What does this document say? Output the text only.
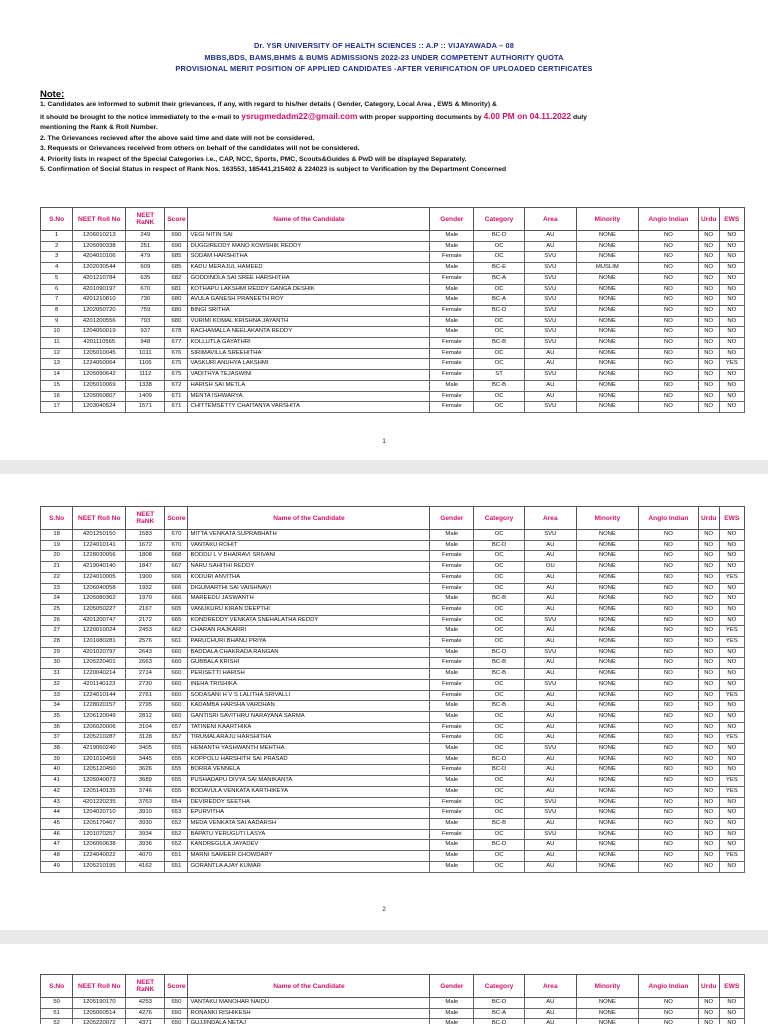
Dr. YSR UNIVERSITY OF HEALTH SCIENCES :: A.P :: VIJAYAWADA – 08

MBBS,BDS, BAMS,BHMS & BUMS ADMISSIONS 2022-23 UNDER COMPETENT AUTHORITY QUOTA

PROVISIONAL MERIT POSITION OF APPLIED CANDIDATES -AFTER VERIFICATION OF UPLOADED CERTIFICATES

Note:
1. Candidates are informed to submit their grievances, if any, with regard to his/her details ( Gender, Category, Local Area , EWS & Minority) &
it should be brought to the notice immediately to the e-mail to ysrugmedadm22@gmail.com with proper supporting documents by 4.00 PM on 04.11.2022 duly
mentioning the Rank & Roll Number.
2. The Grievances recieved after the above said time and date will not be considered.
3. Requests or Grievances received from others on behalf of the candidates will not be considered.
4. Priority lists in respect of the Special Categories i.e., CAP, NCC, Sports, PMC, Scouts&Guides & PwD will be displayed Separately.
5. Confirmation of Social Status in respect of Rank Nos. 163553, 185441,215402 & 224023 is subject to Verification by the Department Concerned
S.No	NEET Roll No	NEET RaNK	Score	Name of the Candidate	Gender	Category	Area	Minority	Anglo Indian	Urdu	EWS
1	1206010213	249	690	VEGI NITIN SAI	Male	BC-D	AU	NONE	NO	NO	NO
2	1205090338	251	690	DUGGIREDDY MANO KOWSHIK REDDY	Male	OC	AU	NONE	NO	NO	NO
3	4204010106	479	685	SODAM HARSHITHA	Female	OC	SVU	NONE	NO	NO	NO
4	1202030544	609	685	KADU MERAJUL HAMEED	Male	BC-E	SVU	MUSLIM	NO	NO	NO
5	4201210784	635	682	GODDINDLA SAI SREE HARSHITHA	Female	BC-A	SVU	NONE	NO	NO	NO
6	4201090197	670	681	KOTHAPU LAKSHMI REDDY GANGA DESHIK	Male	OC	SVU	NONE	NO	NO	NO
7	4201210810	730	680	AVULA GANESH PRANEETH ROY	Male	BC-A	SVU	NONE	NO	NO	NO
8	1202050720	759	680	BINGI SRITHA	Female	BC-D	SVU	NONE	NO	NO	NO
9	4201200556	793	680	VURIMI KOMAL KRISHNA JAYANTH	Male	OC	SVU	NONE	NO	NO	NO
10	1204050019	937	678	RACHAMALLA NEELAKANTA REDDY	Male	OC	SVU	NONE	NO	NO	NO
11	4201110565	948	677	KOLLUTLA GAYATHRI	Female	BC-B	SVU	NONE	NO	NO	NO
12	1205010045	1011	676	SIRIMAVILLA SREEHITHA	Female	OC	AU	NONE	NO	NO	NO
13	1224050064	1106	675	VASKURI ANUHYA LAKSHMI	Female	OC	AU	NONE	NO	NO	YES
14	1205090642	1112	675	VADITHYA TEJASWINI	Female	ST	SVU	NONE	NO	NO	NO
15	1205010069	1338	672	HARISH SAI METLA	Male	BC-B	AU	NONE	NO	NO	NO
16	1205060807	1409	671	MENTA ISHWARYA	Female	OC	AU	NONE	NO	NO	NO
17	1203040524	1571	671	CHITTEMSETTY CHAITANYA VARSHITA	Female	OC	SVU	NONE	NO	NO	NO
1
S.No	NEET Roll No	NEET RaNK	Score	Name of the Candidate	Gender	Category	Area	Minority	Anglo Indian	Urdu	EWS
18	4201250150	1583	670	MITTA VENKATA SUPRABHATH	Male	OC	SVU	NONE	NO	NO	NO
19	1224010141	1672	670	VANTAKU ROHIT	Male	BC-D	AU	NONE	NO	NO	NO
20	1228030056	1808	668	BODDU L V BHAIRAVI SRIVANI	Female	OC	AU	NONE	NO	NO	NO
21	4219040140	1847	667	NARU SAHITHI REDDY	Female	OC	OU	NONE	NO	NO	NO
22	1224010005	1900	666	KODURI ANVITHA	Female	OC	AU	NONE	NO	NO	YES
23	1206040058	1932	666	DIGUMARTHI SAI VAISHNAVI	Female	OC	AU	NONE	NO	NO	NO
24	1205080362	1970	666	MAREEDU JASWANTH	Male	BC-B	AU	NONE	NO	NO	NO
25	1205050227	2167	665	VANUKURU KIRAN DEEPTHI	Female	OC	AU	NONE	NO	NO	NO
26	4201200747	2172	665	KONDREDDY VENKATA SNEHALATHA REDDY	Female	OC	SVU	NONE	NO	NO	NO
27	1220010024	2453	662	CHARAN RAJKARRI	Male	OC	AU	NONE	NO	NO	YES
28	1201080281	2576	661	PARUCHURI BHANU PRIYA	Female	OC	AU	NONE	NO	NO	YES
29	4201020797	2643	660	BADDALA CHAKRADA RANGAN	Male	BC-D	SVU	NONE	NO	NO	NO
30	1205220401	2663	660	GUBBALA KRISHI	Female	BC-B	AU	NONE	NO	NO	NO
31	1220040214	2714	660	PERISETTI HARISH	Male	BC-B	AU	NONE	NO	NO	NO
32	4201140123	2730	660	INEHA TRISHIKA	Female	OC	SVU	NONE	NO	NO	NO
33	1224010144	2761	660	SODASANI H V S LALITHA SRIVALLI	Female	OC	AU	NONE	NO	NO	YES
34	1228020157	2795	660	KADAMBA HARSHA VARDHAN	Male	BC-B	AU	NONE	NO	NO	NO
35	1206120049	2812	660	GANTISRI SAVITHRU NARAYANA SARMA	Male	OC	AU	NONE	NO	NO	NO
36	1206020006	3104	657	TATINENI KAARTHIKA	Female	OC	AU	NONE	NO	NO	NO
37	1205210287	3128	657	TIRUMALARAJU HARSHITHA	Female	OC	AU	NONE	NO	NO	YES
38	4219060240	3405	655	HEMANTH YASHWANTH MEHTHA	Male	OC	SVU	NONE	NO	NO	NO
39	1201010459	3445	655	KOPPOLU HARSHITH SAI PRASAD	Male	BC-D	AU	NONE	NO	NO	NO
40	1205120450	3626	655	BORRA VENNELA	Female	BC-D	AU	NONE	NO	NO	NO
41	1205040073	3689	655	PUSHADAPU DIVYA SAI MANIKANTA	Male	OC	AU	NONE	NO	NO	YES
42	1205140135	3746	655	BODAVULA VENKATA KARTHIKEYA	Male	OC	AU	NONE	NO	NO	YES
43	4201220235	3763	654	DEVIREDDY SEETHA	Female	OC	SVU	NONE	NO	NO	NO
44	1204020710	3910	653	EPURVITHA	Female	OC	SVU	NONE	NO	NO	NO
45	1205170467	3930	652	MEDA VENKATA SAI AADARSH	Male	BC-B	AU	NONE	NO	NO	NO
46	1201070257	3934	652	BAPATU YERUGUTI LASYA	Female	OC	SVU	NONE	NO	NO	NO
47	1206060638	3936	652	KANDREGULA JAYADEV	Male	BC-D	AU	NONE	NO	NO	NO
48	1224040022	4070	651	MARNI SAMEER CHOWDARY	Male	OC	AU	NONE	NO	NO	YES
49	1205210195	4162	651	GORANTLA AJAY KUMAR	Male	OC	AU	NONE	NO	NO	NO
2
S.No	NEET Roll No	NEET RaNK	Score	Name of the Candidate	Gender	Category	Area	Minority	Anglo Indian	Urdu	EWS
50	1205190170	4253	650	VANTAKU MANOHAR NAIDU	Male	BC-D	AU	NONE	NO	NO	NO
51	1205060514	4276	650	RONANKI RISHIKESH	Male	BC-A	AU	NONE	NO	NO	NO
52	1205220072	4371	650	GUJJINDALA NETAJ	Male	BC-D	AU	NONE	NO	NO	NO
